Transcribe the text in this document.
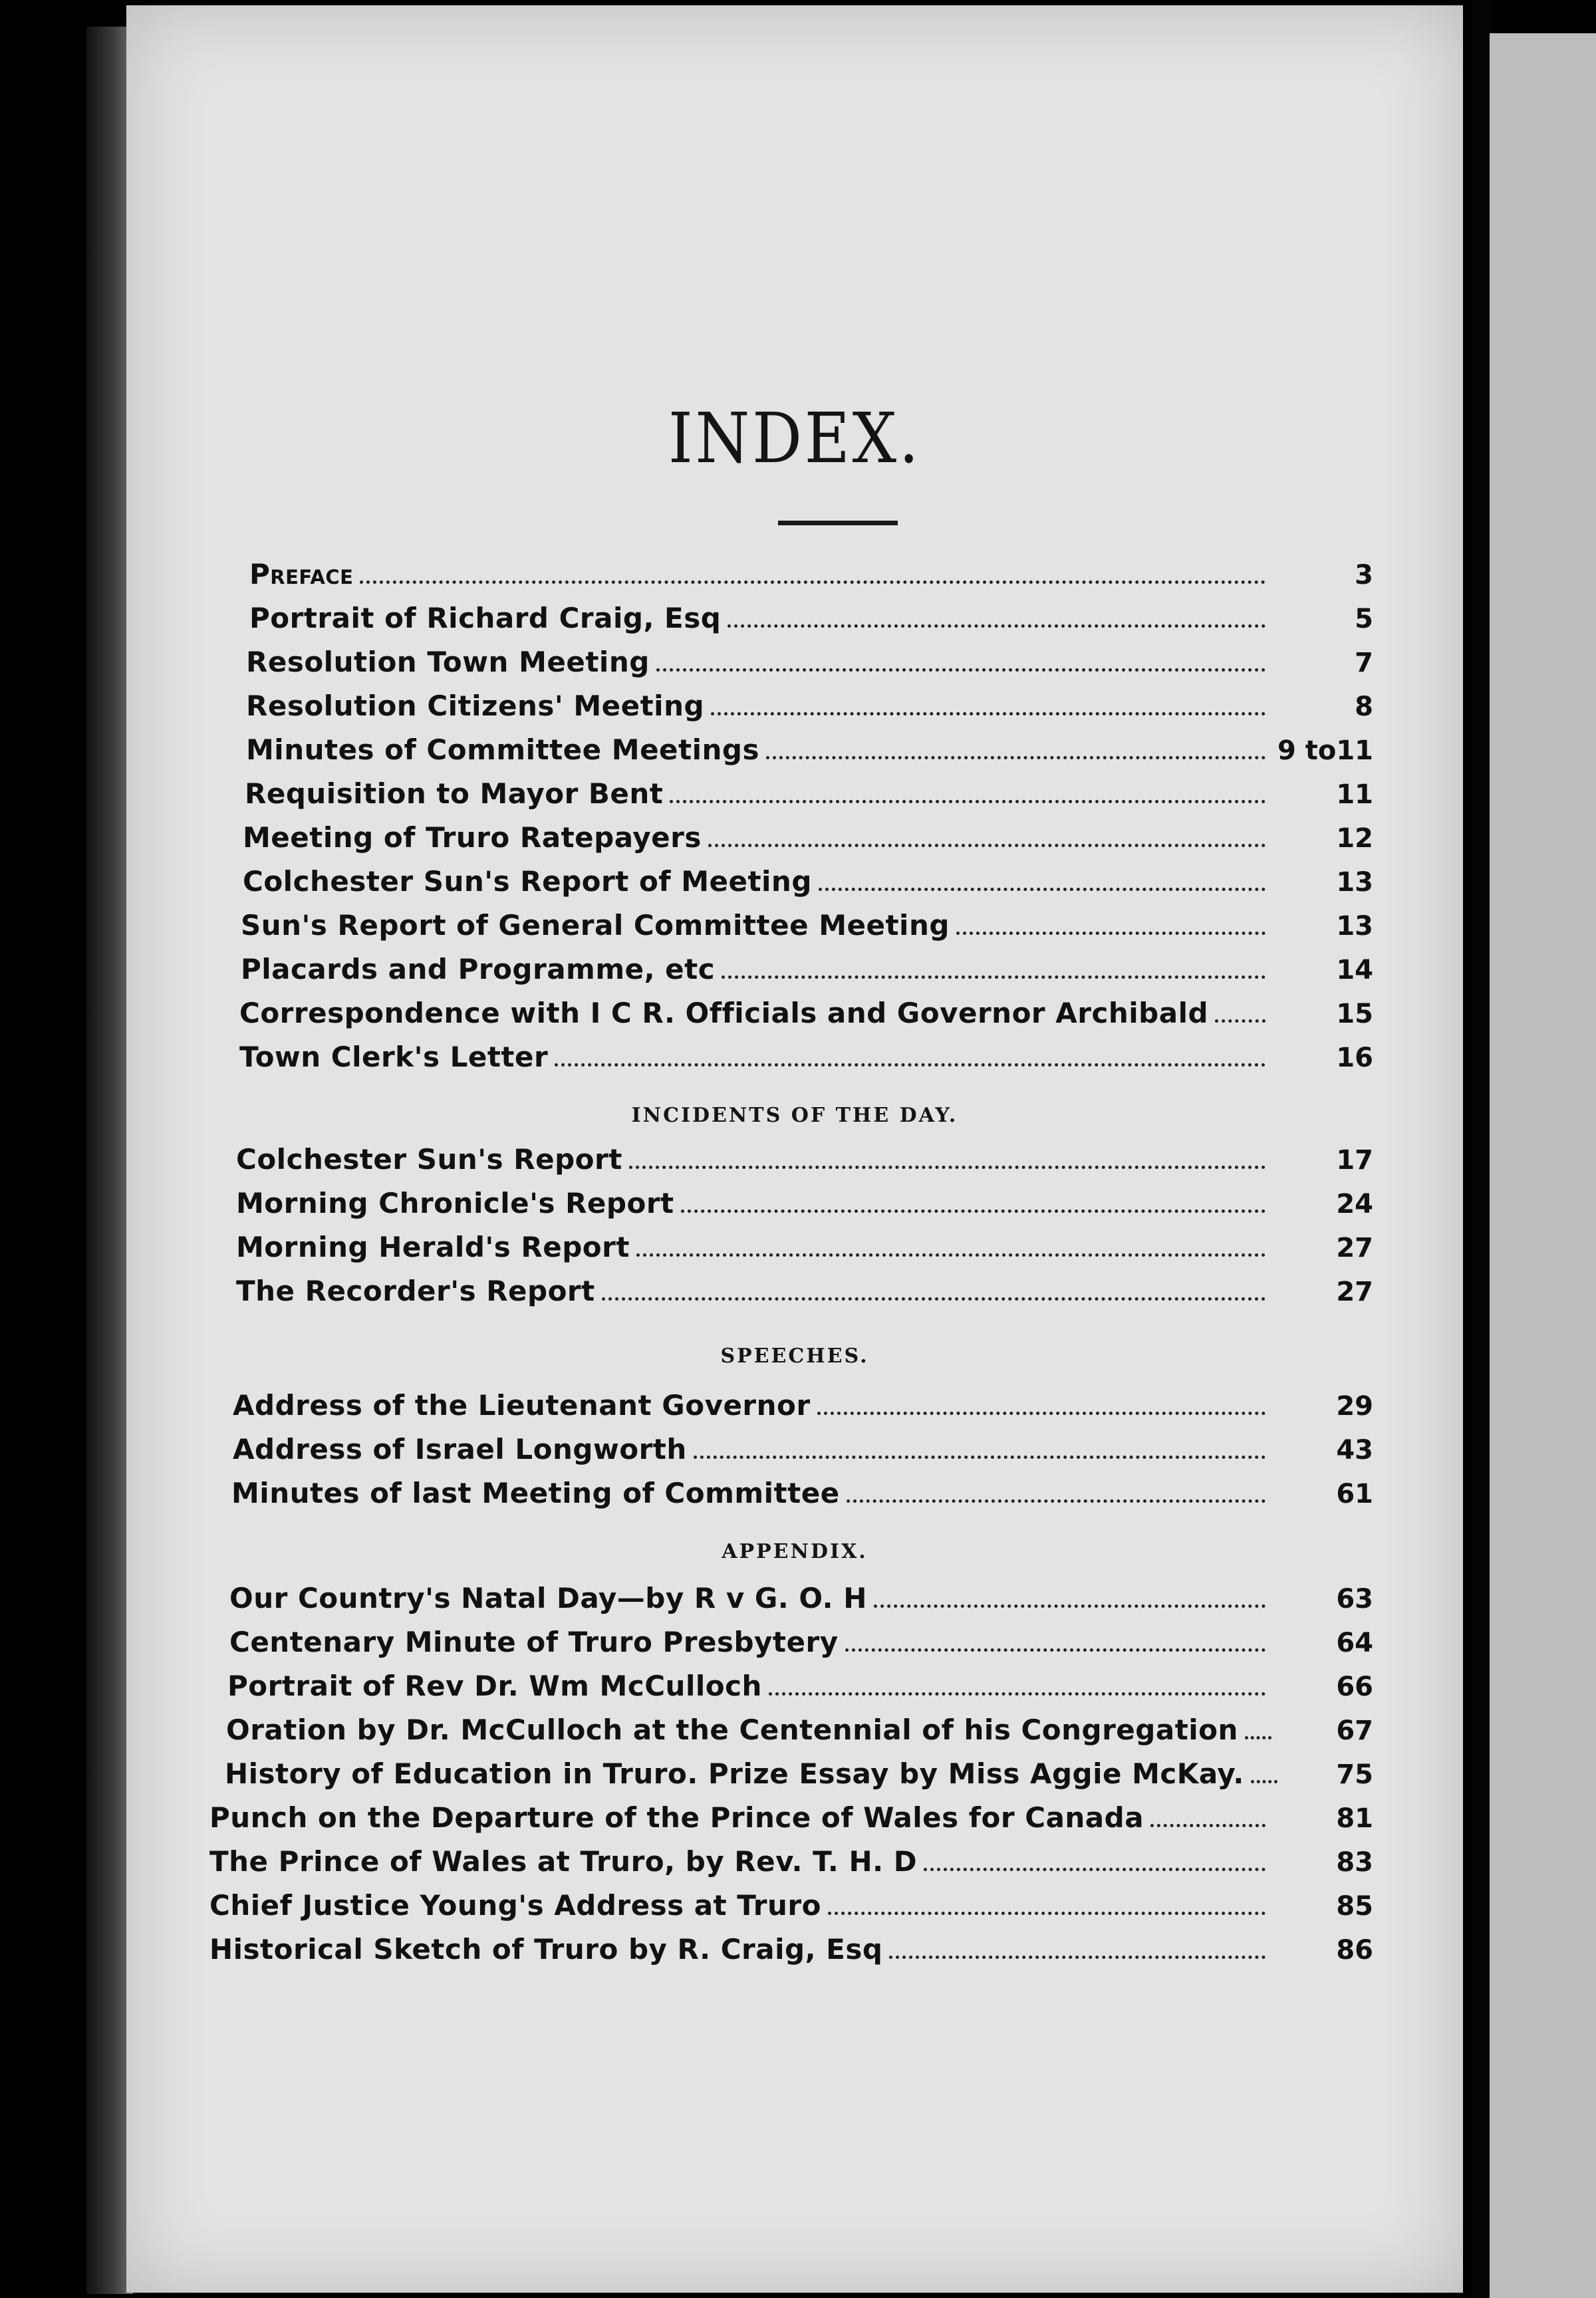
INDEX.
Preface	3
Portrait of Richard Craig, Esq	5
Resolution Town Meeting	7
Resolution Citizens' Meeting	8
Minutes of Committee Meetings	9 to11
Requisition to Mayor Bent	11
Meeting of Truro Ratepayers	12
Colchester Sun's Report of Meeting	13
Sun's Report of General Committee Meeting	13
Placards and Programme, etc	14
Correspondence with I C R. Officials and Governor Archibald	15
Town Clerk's Letter	16
INCIDENTS OF THE DAY.
Colchester Sun's Report	17
Morning Chronicle's Report	24
Morning Herald's Report	27
The Recorder's Report	27
SPEECHES.
Address of the Lieutenant Governor	29
Address of Israel Longworth	43
Minutes of last Meeting of Committee	61
APPENDIX.
Our Country's Natal Day—by R v G. O. H	63
Centenary Minute of Truro Presbytery	64
Portrait of Rev Dr. Wm McCulloch	66
Oration by Dr. McCulloch at the Centennial of his Congregation	67
History of Education in Truro. Prize Essay by Miss Aggie McKay.	75
Punch on the Departure of the Prince of Wales for Canada	81
The Prince of Wales at Truro, by Rev. T. H. D	83
Chief Justice Young's Address at Truro	85
Historical Sketch of Truro by R. Craig, Esq	86
